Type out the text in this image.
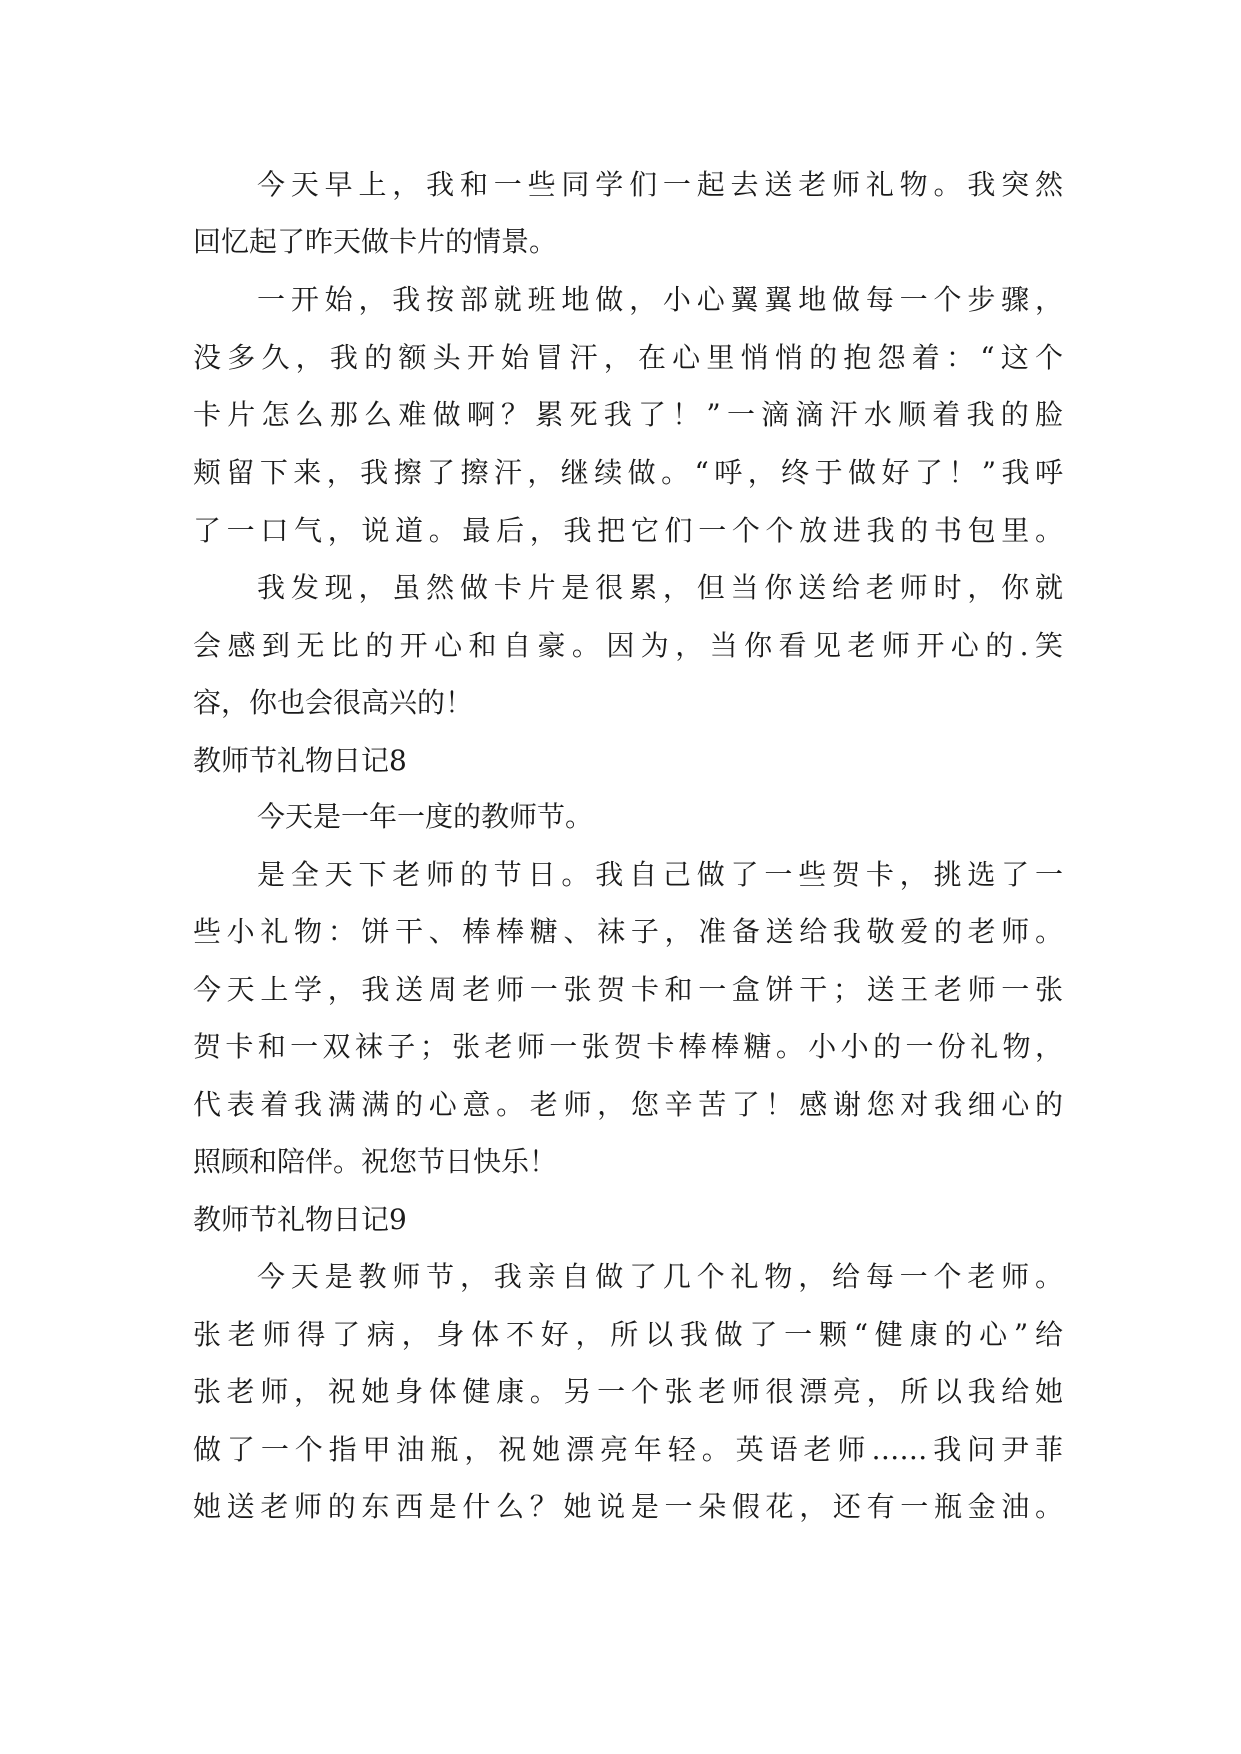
今天早上，我和一些同学们一起去送老师礼物。我突然

回忆起了昨天做卡片的情景。

一开始，我按部就班地做，小心翼翼地做每一个步骤，

没多久，我的额头开始冒汗，在心里悄悄的抱怨着：“这个

卡片怎么那么难做啊？累死我了！”一滴滴汗水顺着我的脸

颊留下来，我擦了擦汗，继续做。“呼，终于做好了！”我呼

了一口气，说道。最后，我把它们一个个放进我的书包里。

我发现，虽然做卡片是很累，但当你送给老师时，你就

会感到无比的开心和自豪。因为，当你看见老师开心的.笑

容，你也会很高兴的！

教师节礼物日记8

今天是一年一度的教师节。

是全天下老师的节日。我自己做了一些贺卡，挑选了一

些小礼物：饼干、棒棒糖、袜子，准备送给我敬爱的老师。

今天上学，我送周老师一张贺卡和一盒饼干；送王老师一张

贺卡和一双袜子；张老师一张贺卡棒棒糖。小小的一份礼物，

代表着我满满的心意。老师，您辛苦了！感谢您对我细心的

照顾和陪伴。祝您节日快乐！

教师节礼物日记9

今天是教师节，我亲自做了几个礼物，给每一个老师。

张老师得了病，身体不好，所以我做了一颗“健康的心”给

张老师，祝她身体健康。另一个张老师很漂亮，所以我给她

做了一个指甲油瓶，祝她漂亮年轻。英语老师……我问尹菲

她送老师的东西是什么？她说是一朵假花，还有一瓶金油。
